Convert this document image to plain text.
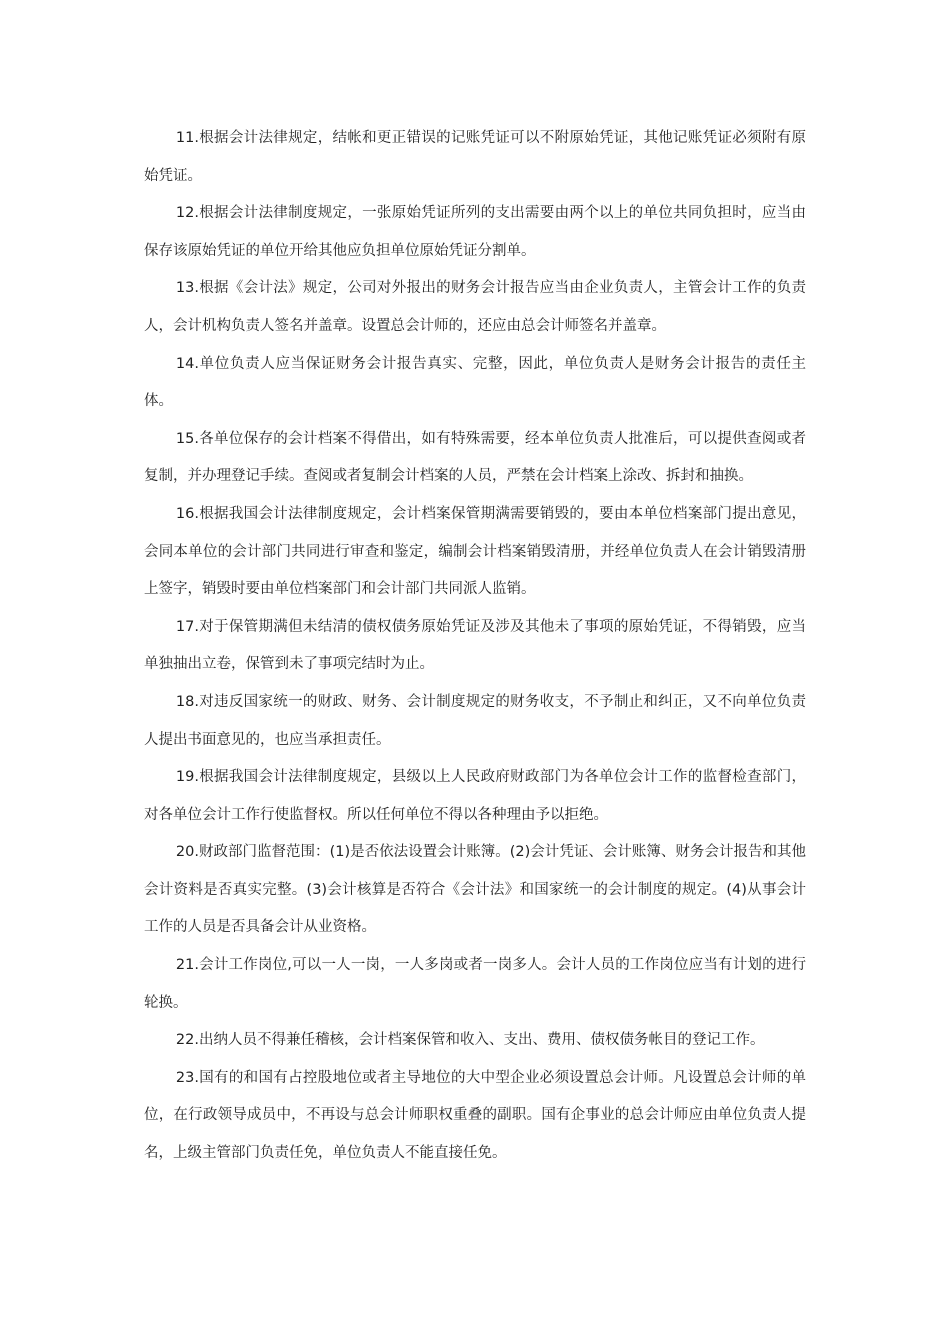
11.根据会计法律规定，结帐和更正错误的记账凭证可以不附原始凭证，其他记账凭证必须附有原始凭证。

12.根据会计法律制度规定，一张原始凭证所列的支出需要由两个以上的单位共同负担时，应当由保存该原始凭证的单位开给其他应负担单位原始凭证分割单。

13.根据《会计法》规定，公司对外报出的财务会计报告应当由企业负责人，主管会计工作的负责人，会计机构负责人签名并盖章。设置总会计师的，还应由总会计师签名并盖章。

14.单位负责人应当保证财务会计报告真实、完整，因此，单位负责人是财务会计报告的责任主体。

15.各单位保存的会计档案不得借出，如有特殊需要，经本单位负责人批准后，可以提供查阅或者复制，并办理登记手续。查阅或者复制会计档案的人员，严禁在会计档案上涂改、拆封和抽换。

16.根据我国会计法律制度规定，会计档案保管期满需要销毁的，要由本单位档案部门提出意见，会同本单位的会计部门共同进行审查和鉴定，编制会计档案销毁清册，并经单位负责人在会计销毁清册上签字，销毁时要由单位档案部门和会计部门共同派人监销。

17.对于保管期满但未结清的债权债务原始凭证及涉及其他未了事项的原始凭证，不得销毁，应当单独抽出立卷，保管到未了事项完结时为止。

18.对违反国家统一的财政、财务、会计制度规定的财务收支，不予制止和纠正，又不向单位负责人提出书面意见的，也应当承担责任。

19.根据我国会计法律制度规定，县级以上人民政府财政部门为各单位会计工作的监督检查部门，对各单位会计工作行使监督权。所以任何单位不得以各种理由予以拒绝。

20.财政部门监督范围：(1)是否依法设置会计账簿。(2)会计凭证、会计账簿、财务会计报告和其他会计资料是否真实完整。(3)会计核算是否符合《会计法》和国家统一的会计制度的规定。(4)从事会计工作的人员是否具备会计从业资格。

21.会计工作岗位,可以一人一岗，一人多岗或者一岗多人。会计人员的工作岗位应当有计划的进行轮换。

22.出纳人员不得兼任稽核，会计档案保管和收入、支出、费用、债权债务帐目的登记工作。

23.国有的和国有占控股地位或者主导地位的大中型企业必须设置总会计师。凡设置总会计师的单位，在行政领导成员中，不再设与总会计师职权重叠的副职。国有企事业的总会计师应由单位负责人提名，上级主管部门负责任免，单位负责人不能直接任免。
